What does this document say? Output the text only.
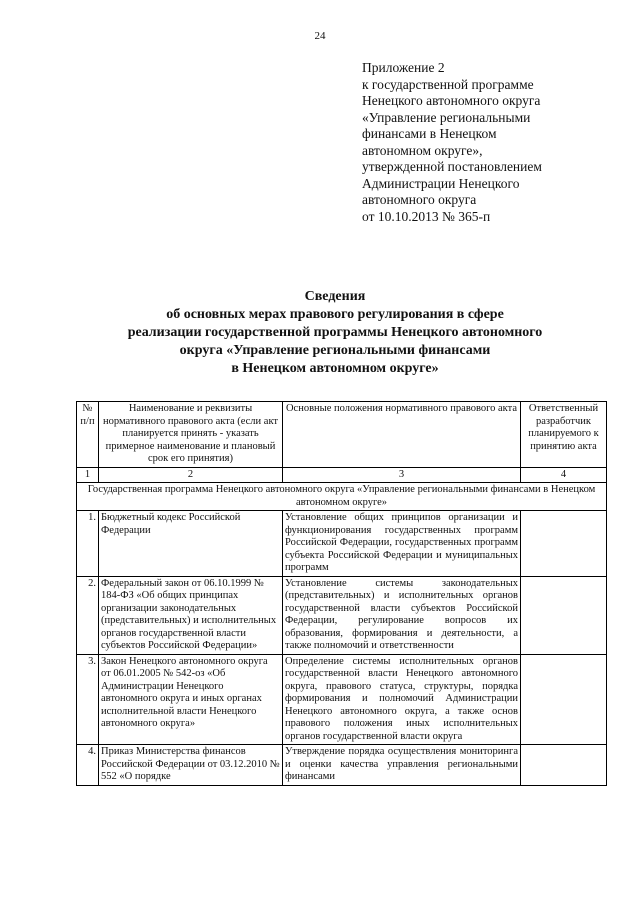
24
Приложение 2
к государственной программе
Ненецкого автономного округа
«Управление региональными
финансами в Ненецком
автономном округе»,
утвержденной постановлением
Администрации Ненецкого
автономного округа
от 10.10.2013 № 365-п
Сведения
об основных мерах правового регулирования в сфере
реализации государственной программы Ненецкого автономного
округа «Управление региональными финансами
в Ненецком автономном округе»
№ п/п	Наименование и реквизиты нормативного правового акта (если акт планируется принять - указать примерное наименование и плановый срок его принятия)	Основные положения нормативного правового акта	Ответственный разработчик планируемого к принятию акта
1	2	3	4
Государственная программа Ненецкого автономного округа «Управление региональными финансами в Ненецком автономном округе»			
1.	Бюджетный кодекс Российской Федерации	Установление общих принципов организации и функционирования государственных программ Российской Федерации, государственных программ субъекта Российской Федерации и муниципальных программ	
2.	Федеральный закон от 06.10.1999 № 184-ФЗ «Об общих принципах организации законодательных (представительных) и исполнительных органов государственной власти субъектов Российской Федерации»	Установление системы законодательных (представительных) и исполнительных органов государственной власти субъектов Российской Федерации, регулирование вопросов их образования, формирования и деятельности, а также полномочий и ответственности	
3.	Закон Ненецкого автономного округа от 06.01.2005 № 542-оз «Об Администрации Ненецкого автономного округа и иных органах исполнительной власти Ненецкого автономного округа»	Определение системы исполнительных органов государственной власти Ненецкого автономного округа, правового статуса, структуры, порядка формирования и полномочий Администрации Ненецкого автономного округа, а также основ правового положения иных исполнительных органов государственной власти округа	
4.	Приказ Министерства финансов Российской Федерации от 03.12.2010 № 552 «О порядке	Утверждение порядка осуществления мониторинга и оценки качества управления региональными финансами	
